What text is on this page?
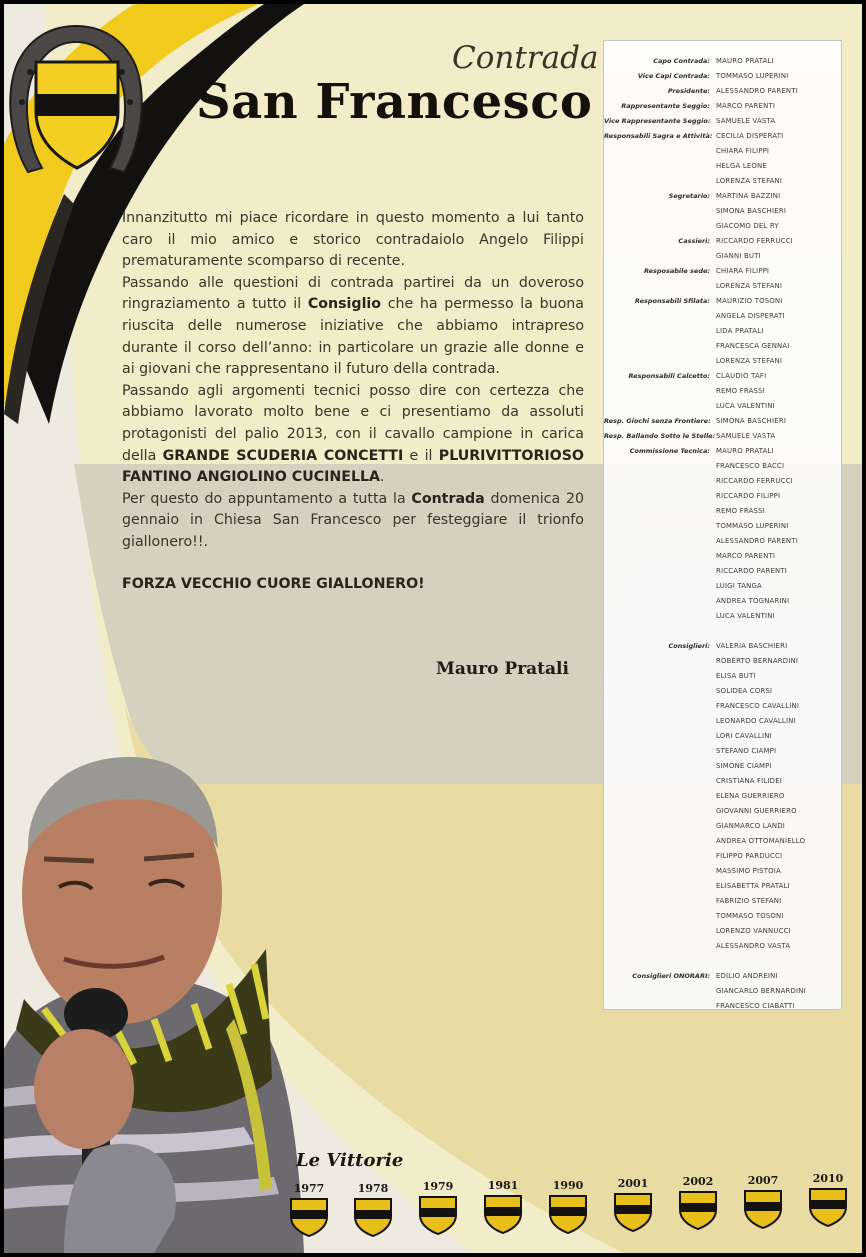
Contrada
San Francesco

Innanzitutto mi piace ricordare in questo momento a lui tanto caro il mio amico e storico contradaiolo Angelo Filippi prematuramente scomparso di recente.

Passando alle questioni di contrada partirei da un doveroso ringraziamento a tutto il Consiglio che ha permesso la buona riuscita delle numerose iniziative che abbiamo intrapreso durante il corso dell’anno: in particolare un grazie alle donne e ai giovani che rappresentano il futuro della contrada.

Passando agli argomenti tecnici posso dire con certezza che abbiamo lavorato molto bene e ci presentiamo da assoluti protagonisti del palio 2013, con il cavallo campione in carica della GRANDE SCUDERIA CONCETTI e il PLURIVITTORIOSO FANTINO ANGIOLINO CUCINELLA.

Per questo do appuntamento a tutta la Contrada domenica 20 gennaio in Chiesa San Francesco per festeggiare il trionfo giallonero!!.

FORZA VECCHIO CUORE GIALLONERO!

Mauro Pratali
Capo Contrada: MAURO PRATALI
Vice Capi Contrada: TOMMASO LUPERINI
Presidente: ALESSANDRO PARENTI
Rappresentante Seggio: MARCO PARENTI
Vice Rappresentante Seggio: SAMUELE VASTA
Responsabili Sagra e Attività: CECILIA DISPERATI
CHIARA FILIPPI
HELGA LEONE
LORENZA STEFANI
Segretario: MARTINA BAZZINI
SIMONA BASCHIERI
GIACOMO DEL RY
Cassieri: RICCARDO FERRUCCI
GIANNI BUTI
Resposabile sede: CHIARA FILIPPI
LORENZA STEFANI
Responsabili Sfilata: MAURIZIO TOSONI
ANGELA DISPERATI
LIDA PRATALI
FRANCESCA GENNAI
LORENZA STEFANI
Responsabili Calcetto: CLAUDIO TAFI
REMO FRASSI
LUCA VALENTINI
Resp. Giochi senza Frontiere: SIMONA BASCHIERI
Resp. Ballando Sotto le Stelle: SAMUELE VASTA
Commissione Tecnica: MAURO PRATALI
FRANCESCO BACCI
RICCARDO FERRUCCI
RICCARDO FILIPPI
REMO FRASSI
TOMMASO LUPERINI
ALESSANDRO PARENTI
MARCO PARENTI
RICCARDO PARENTI
LUIGI TANGA
ANDREA TOGNARINI
LUCA VALENTINI
Consiglieri: VALERIA BASCHIERI
ROBERTO BERNARDINI
ELISA BUTI
SOLIDEA CORSI
FRANCESCO CAVALLINI
LEONARDO CAVALLINI
LORI CAVALLINI
STEFANO CIAMPI
SIMONE CIAMPI
CRISTIANA FILIDEI
ELENA GUERRIERO
GIOVANNI GUERRIERO
GIANMARCO LANDI
ANDREA OTTOMANIELLO
FILIPPO PARDUCCI
MASSIMO PISTOIA
ELISABETTA PRATALI
FABRIZIO STEFANI
TOMMASO TOSONI
LORENZO VANNUCCI
ALESSANDRO VASTA
Consiglieri ONORARI: EDILIO ANDREINI
GIANCARLO BERNARDINI
FRANCESCO CIABATTI
Le Vittorie
1977	1978	1979	1981	1990	2001	2002	2007	2010
